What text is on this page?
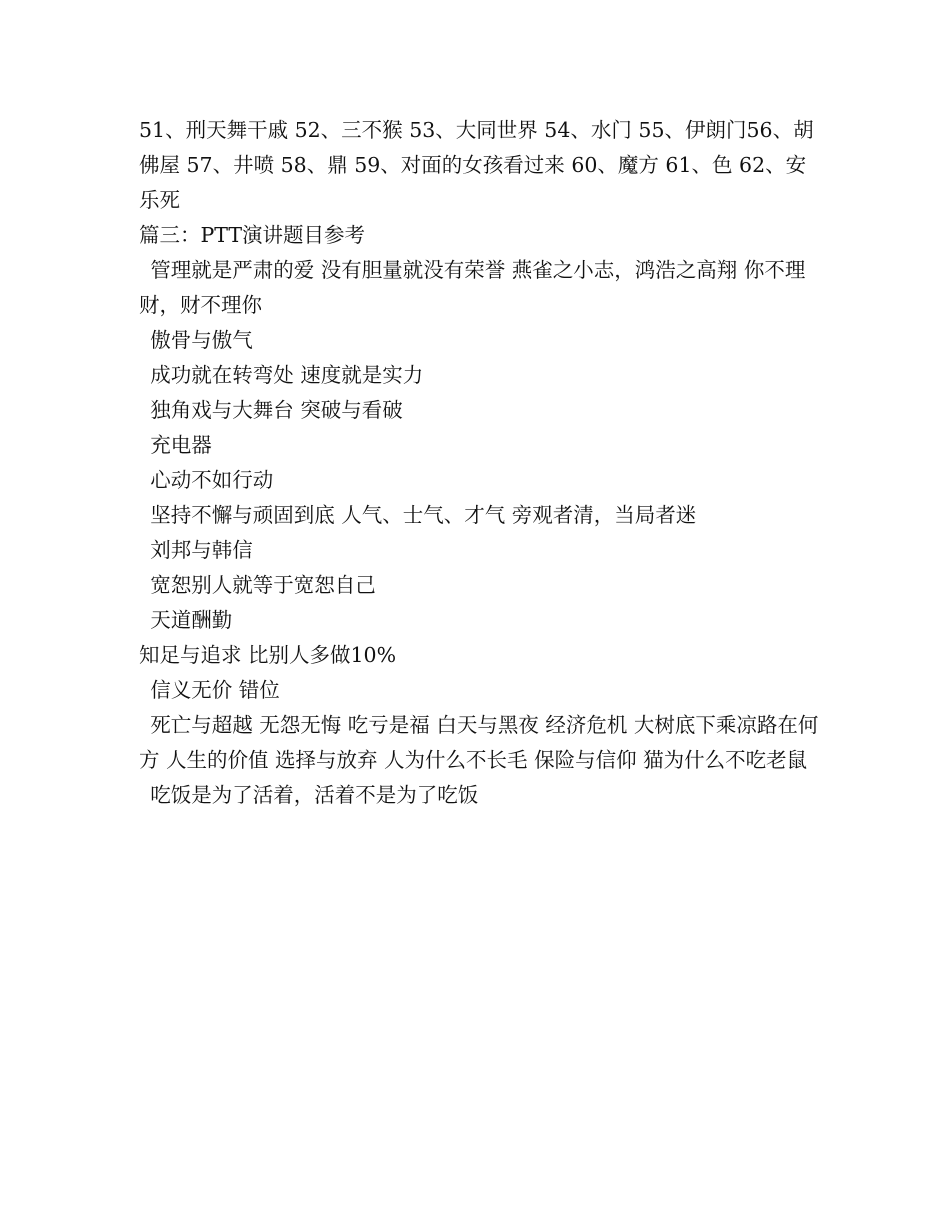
51、刑天舞干戚 52、三不猴 53、大同世界 54、水门 55、伊朗门56、胡佛屋 57、井喷 58、鼎 59、对面的女孩看过来 60、魔方 61、色 62、安乐死

篇三：PTT演讲题目参考

管理就是严肃的爱 没有胆量就没有荣誉 燕雀之小志，鸿浩之高翔 你不理财，财不理你

傲骨与傲气

成功就在转弯处 速度就是实力

独角戏与大舞台 突破与看破

充电器

心动不如行动

坚持不懈与顽固到底 人气、士气、才气 旁观者清，当局者迷

刘邦与韩信

宽恕别人就等于宽恕自己

天道酬勤

知足与追求 比别人多做10%

信义无价 错位

死亡与超越 无怨无悔 吃亏是福 白天与黑夜 经济危机 大树底下乘凉路在何方 人生的价值 选择与放弃 人为什么不长毛 保险与信仰 猫为什么不吃老鼠

吃饭是为了活着，活着不是为了吃饭
